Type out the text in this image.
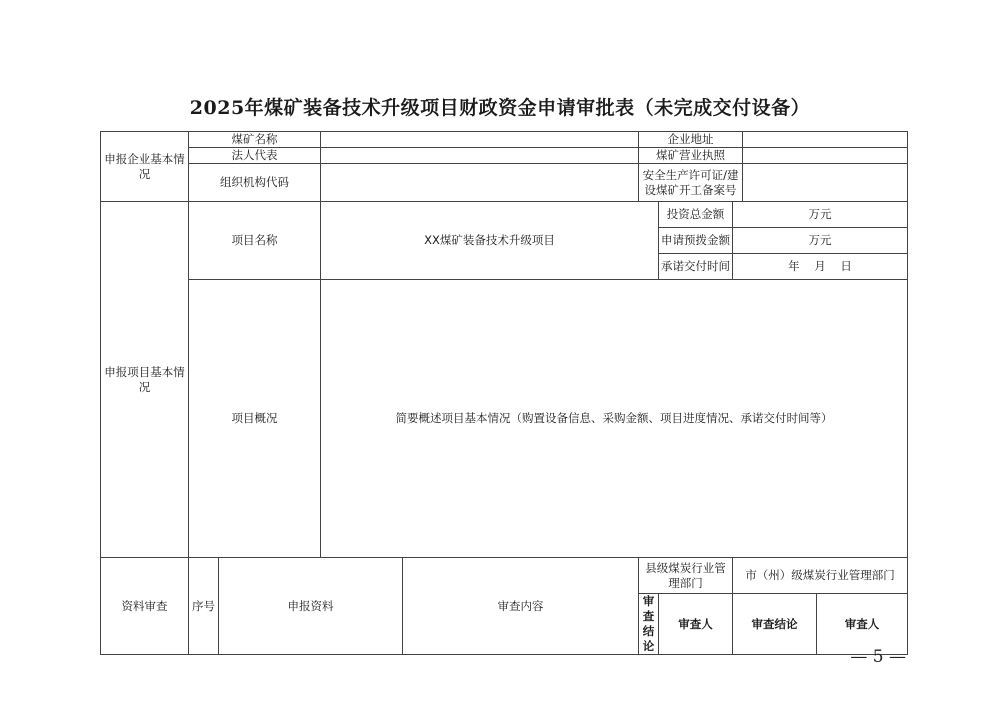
2025年煤矿装备技术升级项目财政资金申请审批表（未完成交付设备）
申报企业基本情况	煤矿名称				企业地址				
	法人代表				煤矿营业执照				
	组织机构代码				安全生产许可证/建设煤矿开工备案号				
申报项目基本情况	项目名称		XX煤矿装备技术升级项目			投资总金额	万元		
						申请预拨金额	万元		
						承诺交付时间	年    月    日		
	项目概况		简要概述项目基本情况（购置设备信息、采购金额、项目进度情况、承诺交付时间等）						
资料审查	序号	申报资料		审查内容	县级煤炭行业管理部门		市（州）级煤炭行业管理部门		
					审查结论	审查人	审查结论		审查人
— 5 —
